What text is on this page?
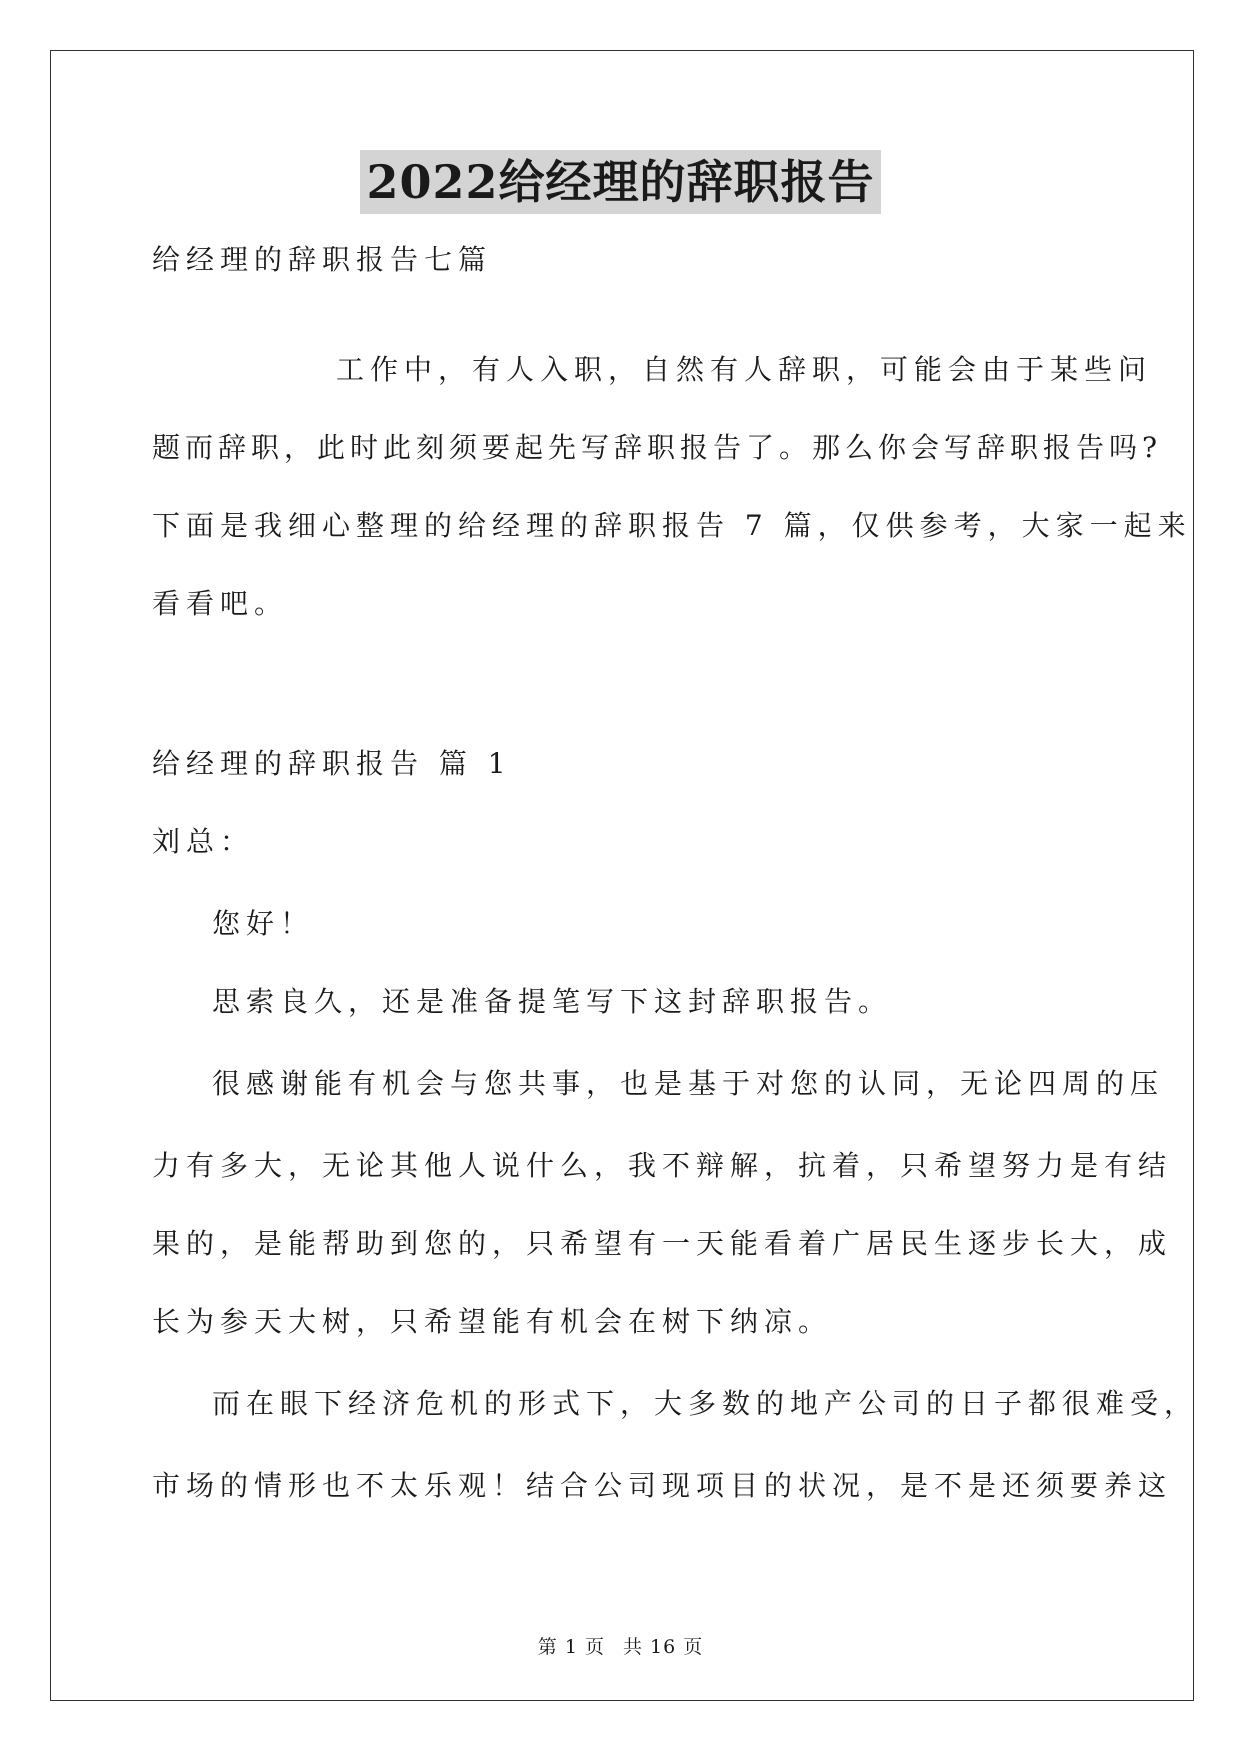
2022给经理的辞职报告
给经理的辞职报告七篇
工作中，有人入职，自然有人辞职，可能会由于某些问
题而辞职，此时此刻须要起先写辞职报告了。那么你会写辞职报告吗?
下面是我细心整理的给经理的辞职报告 7 篇，仅供参考，大家一起来
看看吧。
给经理的辞职报告 篇 1
刘总：
您好！
思索良久，还是准备提笔写下这封辞职报告。
很感谢能有机会与您共事，也是基于对您的认同，无论四周的压
力有多大，无论其他人说什么，我不辩解，抗着，只希望努力是有结
果的，是能帮助到您的，只希望有一天能看着广居民生逐步长大，成
长为参天大树，只希望能有机会在树下纳凉。
而在眼下经济危机的形式下，大多数的地产公司的日子都很难受，
市场的情形也不太乐观！结合公司现项目的状况，是不是还须要养这
第 1 页 共 16 页
